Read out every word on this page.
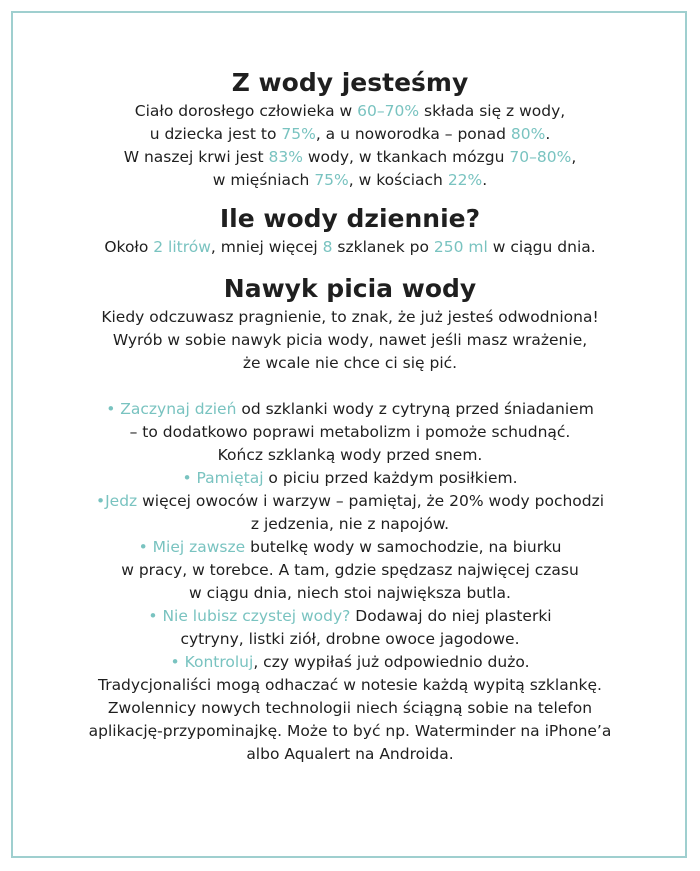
Z wody jesteśmy

Ciało dorosłego człowieka w 60–70% składa się z wody,
u dziecka jest to 75%, a u noworodka – ponad 80%.
W naszej krwi jest 83% wody, w tkankach mózgu 70–80%,
w mięśniach 75%, w kościach 22%.

Ile wody dziennie?

Około 2 litrów, mniej więcej 8 szklanek po 250 ml w ciągu dnia.

Nawyk picia wody

Kiedy odczuwasz pragnienie, to znak, że już jesteś odwodniona!
Wyrób w sobie nawyk picia wody, nawet jeśli masz wrażenie,
że wcale nie chce ci się pić.
• Zaczynaj dzień od szklanki wody z cytryną przed śniadaniem
– to dodatkowo poprawi metabolizm i pomoże schudnąć.
Kończ szklanką wody przed snem.
• Pamiętaj o piciu przed każdym posiłkiem.
•Jedz więcej owoców i warzyw – pamiętaj, że 20% wody pochodzi
z jedzenia, nie z napojów.
• Miej zawsze butelkę wody w samochodzie, na biurku
w pracy, w torebce. A tam, gdzie spędzasz najwięcej czasu
w ciągu dnia, niech stoi największa butla.
• Nie lubisz czystej wody? Dodawaj do niej plasterki
cytryny, listki ziół, drobne owoce jagodowe.
• Kontroluj, czy wypiłaś już odpowiednio dużo.
Tradycjonaliści mogą odhaczać w notesie każdą wypitą szklankę.
Zwolennicy nowych technologii niech ściągną sobie na telefon
aplikację-przypominajkę. Może to być np. Waterminder na iPhone’a
albo Aqualert na Androida.
